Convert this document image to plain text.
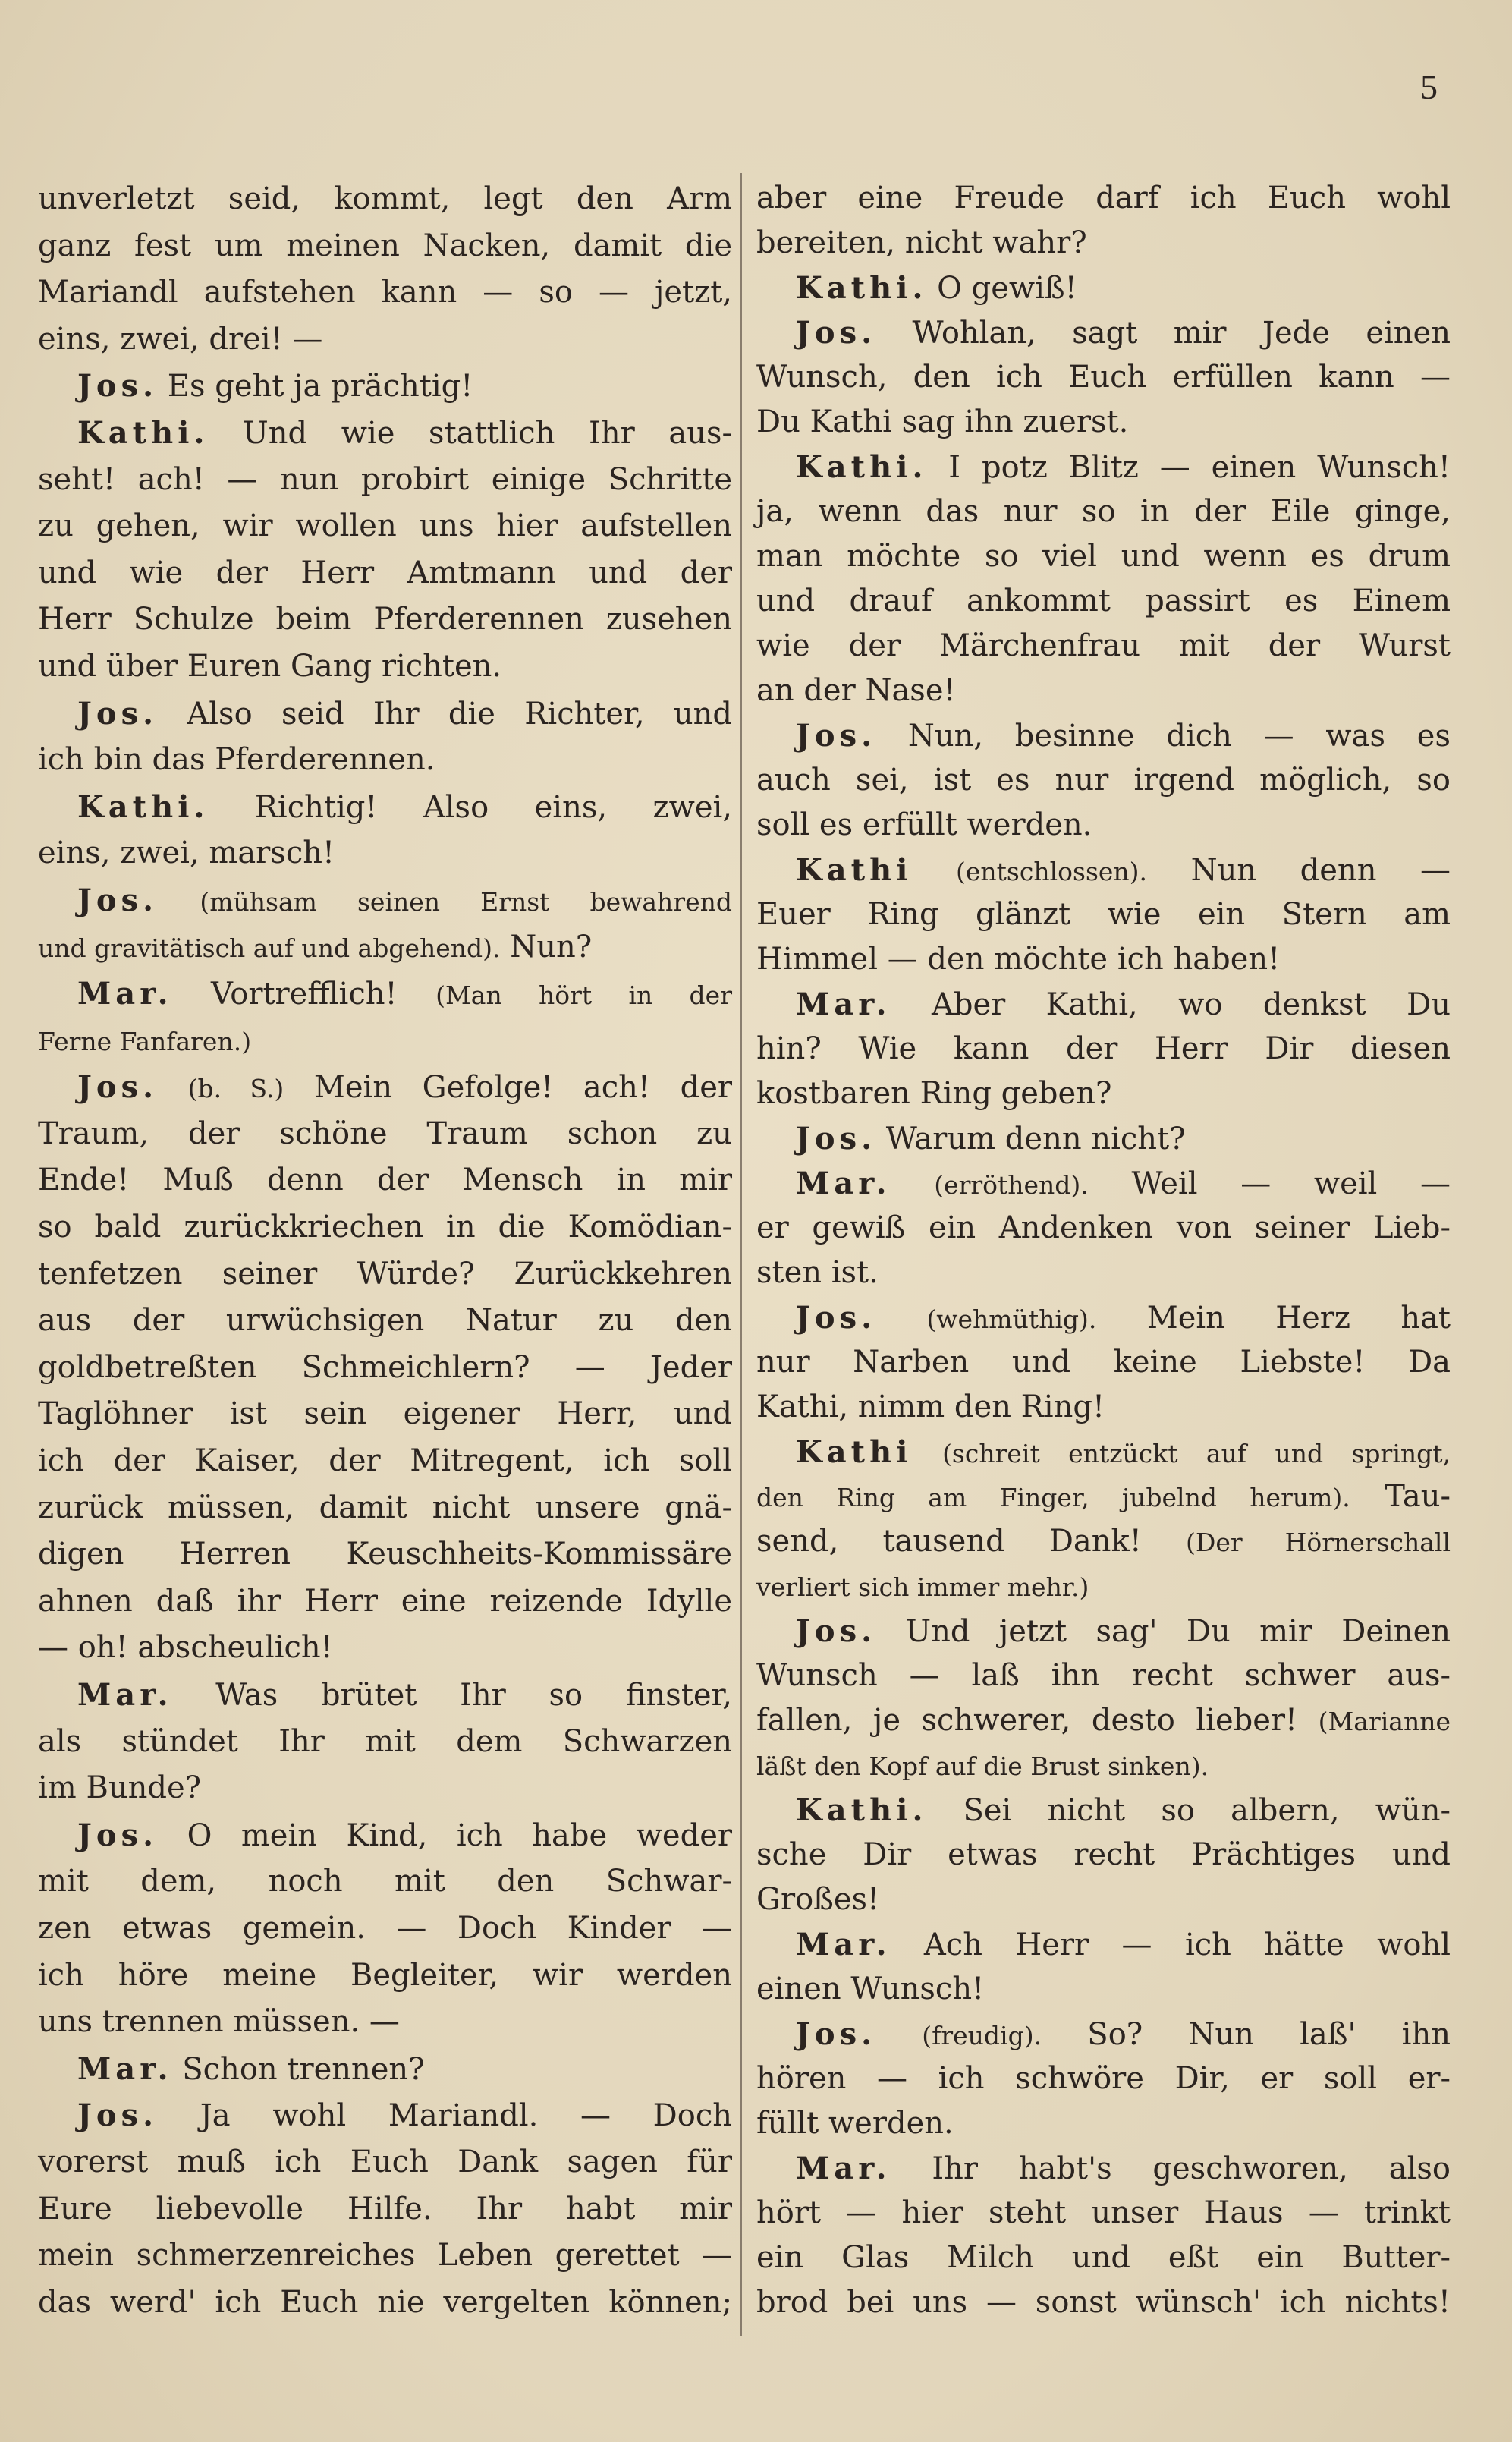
5
unverletzt seid, kommt, legt den Arm
ganz fest um meinen Nacken, damit die
Mariandl aufstehen kann — so — jetzt,
eins, zwei, drei! —
Jos. Es geht ja prächtig!
Kathi. Und wie stattlich Ihr aus-
seht! ach! — nun probirt einige Schritte
zu gehen, wir wollen uns hier aufstellen
und wie der Herr Amtmann und der
Herr Schulze beim Pferderennen zusehen
und über Euren Gang richten.
Jos. Also seid Ihr die Richter, und
ich bin das Pferderennen.
Kathi. Richtig! Also eins, zwei,
eins, zwei, marsch!
Jos. (mühsam seinen Ernst bewahrend
und gravitätisch auf und abgehend). Nun?
Mar. Vortrefflich! (Man hört in der
Ferne Fanfaren.)
Jos. (b. S.) Mein Gefolge! ach! der
Traum, der schöne Traum schon zu
Ende! Muß denn der Mensch in mir
so bald zurückkriechen in die Komödian-
tenfetzen seiner Würde? Zurückkehren
aus der urwüchsigen Natur zu den
goldbetreßten Schmeichlern? — Jeder
Taglöhner ist sein eigener Herr, und
ich der Kaiser, der Mitregent, ich soll
zurück müssen, damit nicht unsere gnä-
digen Herren Keuschheits-Kommissäre
ahnen daß ihr Herr eine reizende Idylle
— oh! abscheulich!
Mar. Was brütet Ihr so finster,
als stündet Ihr mit dem Schwarzen
im Bunde?
Jos. O mein Kind, ich habe weder
mit dem, noch mit den Schwar-
zen etwas gemein. — Doch Kinder —
ich höre meine Begleiter, wir werden
uns trennen müssen. —
Mar. Schon trennen?
Jos. Ja wohl Mariandl. — Doch
vorerst muß ich Euch Dank sagen für
Eure liebevolle Hilfe. Ihr habt mir
mein schmerzenreiches Leben gerettet —
das werd' ich Euch nie vergelten können;
aber eine Freude darf ich Euch wohl
bereiten, nicht wahr?
Kathi. O gewiß!
Jos. Wohlan, sagt mir Jede einen
Wunsch, den ich Euch erfüllen kann —
Du Kathi sag ihn zuerst.
Kathi. I potz Blitz — einen Wunsch!
ja, wenn das nur so in der Eile ginge,
man möchte so viel und wenn es drum
und drauf ankommt passirt es Einem
wie der Märchenfrau mit der Wurst
an der Nase!
Jos. Nun, besinne dich — was es
auch sei, ist es nur irgend möglich, so
soll es erfüllt werden.
Kathi (entschlossen). Nun denn —
Euer Ring glänzt wie ein Stern am
Himmel — den möchte ich haben!
Mar. Aber Kathi, wo denkst Du
hin? Wie kann der Herr Dir diesen
kostbaren Ring geben?
Jos. Warum denn nicht?
Mar. (erröthend). Weil — weil —
er gewiß ein Andenken von seiner Lieb-
sten ist.
Jos. (wehmüthig). Mein Herz hat
nur Narben und keine Liebste! Da
Kathi, nimm den Ring!
Kathi (schreit entzückt auf und springt,
den Ring am Finger, jubelnd herum). Tau-
send, tausend Dank! (Der Hörnerschall
verliert sich immer mehr.)
Jos. Und jetzt sag' Du mir Deinen
Wunsch — laß ihn recht schwer aus-
fallen, je schwerer, desto lieber! (Marianne
läßt den Kopf auf die Brust sinken).
Kathi. Sei nicht so albern, wün-
sche Dir etwas recht Prächtiges und
Großes!
Mar. Ach Herr — ich hätte wohl
einen Wunsch!
Jos. (freudig). So? Nun laß' ihn
hören — ich schwöre Dir, er soll er-
füllt werden.
Mar. Ihr habt's geschworen, also
hört — hier steht unser Haus — trinkt
ein Glas Milch und eßt ein Butter-
brod bei uns — sonst wünsch' ich nichts!
